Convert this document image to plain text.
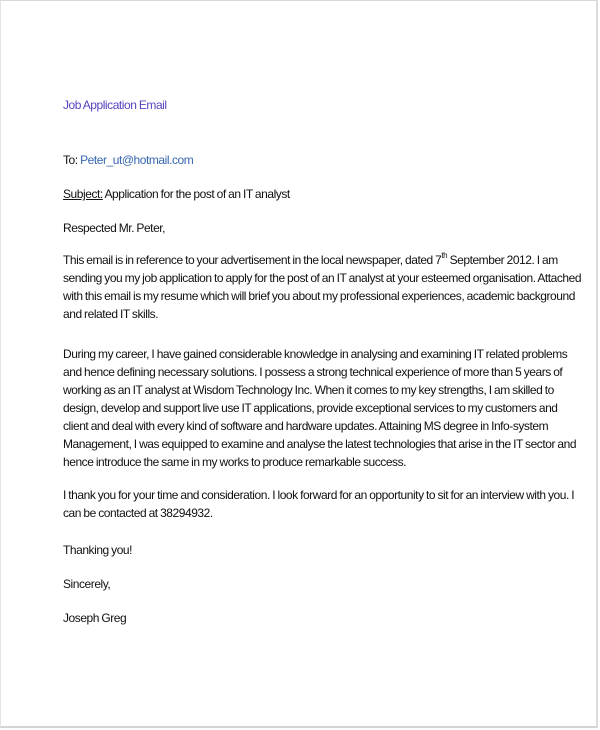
Job Application Email
To: Peter_ut@hotmail.com
Subject: Application for the post of an IT analyst
Respected Mr. Peter,
This email is in reference to your advertisement in the local newspaper, dated 7th September 2012. I am
sending you my job application to apply for the post of an IT analyst at your esteemed organisation. Attached
with this email is my resume which will brief you about my professional experiences, academic background
and related IT skills.
During my career, I have gained considerable knowledge in analysing and examining IT related problems
and hence defining necessary solutions. I possess a strong technical experience of more than 5 years of
working as an IT analyst at Wisdom Technology Inc. When it comes to my key strengths, I am skilled to
design, develop and support live use IT applications, provide exceptional services to my customers and
client and deal with every kind of software and hardware updates. Attaining MS degree in Info-system
Management, I was equipped to examine and analyse the latest technologies that arise in the IT sector and
hence introduce the same in my works to produce remarkable success.
I thank you for your time and consideration. I look forward for an opportunity to sit for an interview with you. I
can be contacted at 38294932.
Thanking you!
Sincerely,
Joseph Greg
